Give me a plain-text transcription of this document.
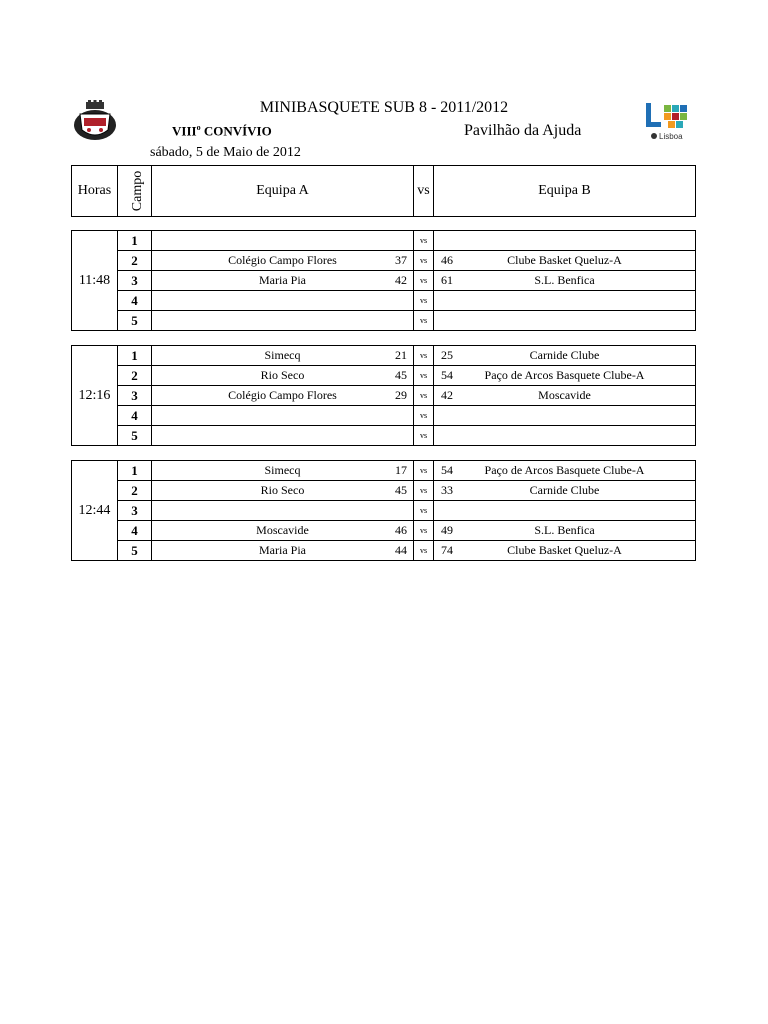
MINIBASQUETE SUB 8 - 2011/2012
VIII$^o$ CONVÍVIO	Pavilhão da Ajuda
sábado, 5 de Maio de 2012
Lisboa
Horas	Campo	Equipa A	vs	Equipa B
11:48	1		vs	

	2	Colégio Campo Flores 37	vs	46 Clube Basket Queluz-A
	3	Maria Pia 42	vs	61 S.L. Benfica
	4		vs	

	5		vs	
12:16	1	Simecq 21	vs	25 Carnide Clube
	2	Rio Seco 45	vs	54 Paço de Arcos Basquete Clube-A
	3	Colégio Campo Flores 29	vs	42 Moscavide
	4		vs	

	5		vs	
12:44	1	Simecq 17	vs	54 Paço de Arcos Basquete Clube-A
	2	Rio Seco 45	vs	33 Carnide Clube
	3		vs	

	4	Moscavide 46	vs	49 S.L. Benfica
	5	Maria Pia 44	vs	74 Clube Basket Queluz-A
